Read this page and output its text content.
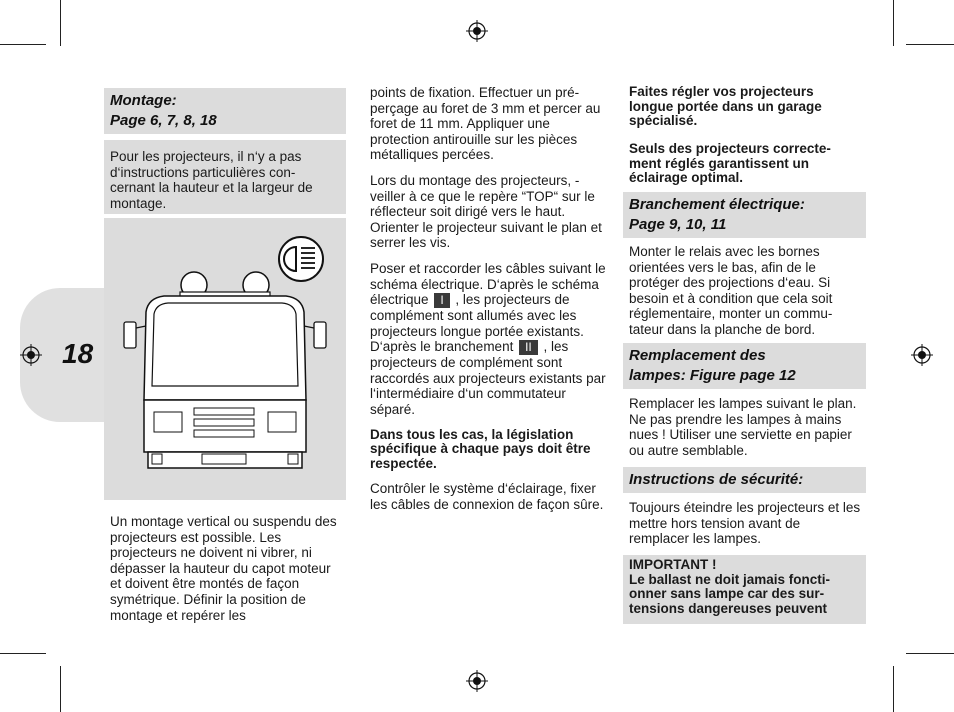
18
Montage:
Page 6, 7, 8, 18
Pour les projecteurs, il n‘y a pas d‘instructions particulières con-cernant la hauteur et la largeur de montage.
Un montage vertical ou suspendu des projecteurs est possible. Les projecteurs ne doivent ni vibrer, ni dépasser la hauteur du capot moteur et doivent être montés de façon symétrique. Définir la position de montage et repérer les

points de fixation. Effectuer un pré-perçage au foret de 3 mm et percer au foret de 11 mm. Appliquer une protection antirouille sur les pièces métalliques percées.

Lors du montage des projecteurs, - veiller à ce que le repère “TOP“ sur le réflecteur soit dirigé vers le haut. Orienter le projecteur suivant le plan et serrer les vis.

Poser et raccorder les câbles suivant le schéma électrique. D‘après le schéma électrique I , les projecteurs de complément sont allumés avec les projecteurs longue portée existants. D‘après le branchement II , les projecteurs de complément sont raccordés aux projecteurs existants par l‘intermédiaire d‘un commutateur séparé.

Dans tous les cas, la législation spécifique à chaque pays doit être respectée.

Contrôler le système d‘éclairage, fixer les câbles de connexion de façon sûre.

Faites régler vos projecteurs longue portée dans un garage spécialisé.
Seuls des projecteurs correcte-ment réglés garantissent un éclairage optimal.
Branchement électrique:
Page 9, 10, 11
Monter le relais avec les bornes orientées vers le bas, afin de le protéger des projections d‘eau. Si besoin et à condition que cela soit réglementaire, monter un commu-tateur dans la planche de bord.
Remplacement des
lampes: Figure page 12
Remplacer les lampes suivant le plan. Ne pas prendre les lampes à mains nues ! Utiliser une serviette en papier ou autre semblable.
Instructions de sécurité:
Toujours éteindre les projecteurs et les mettre hors tension avant de remplacer les lampes.
IMPORTANT !
Le ballast ne doit jamais foncti-onner sans lampe car des sur-tensions dangereuses peuvent
